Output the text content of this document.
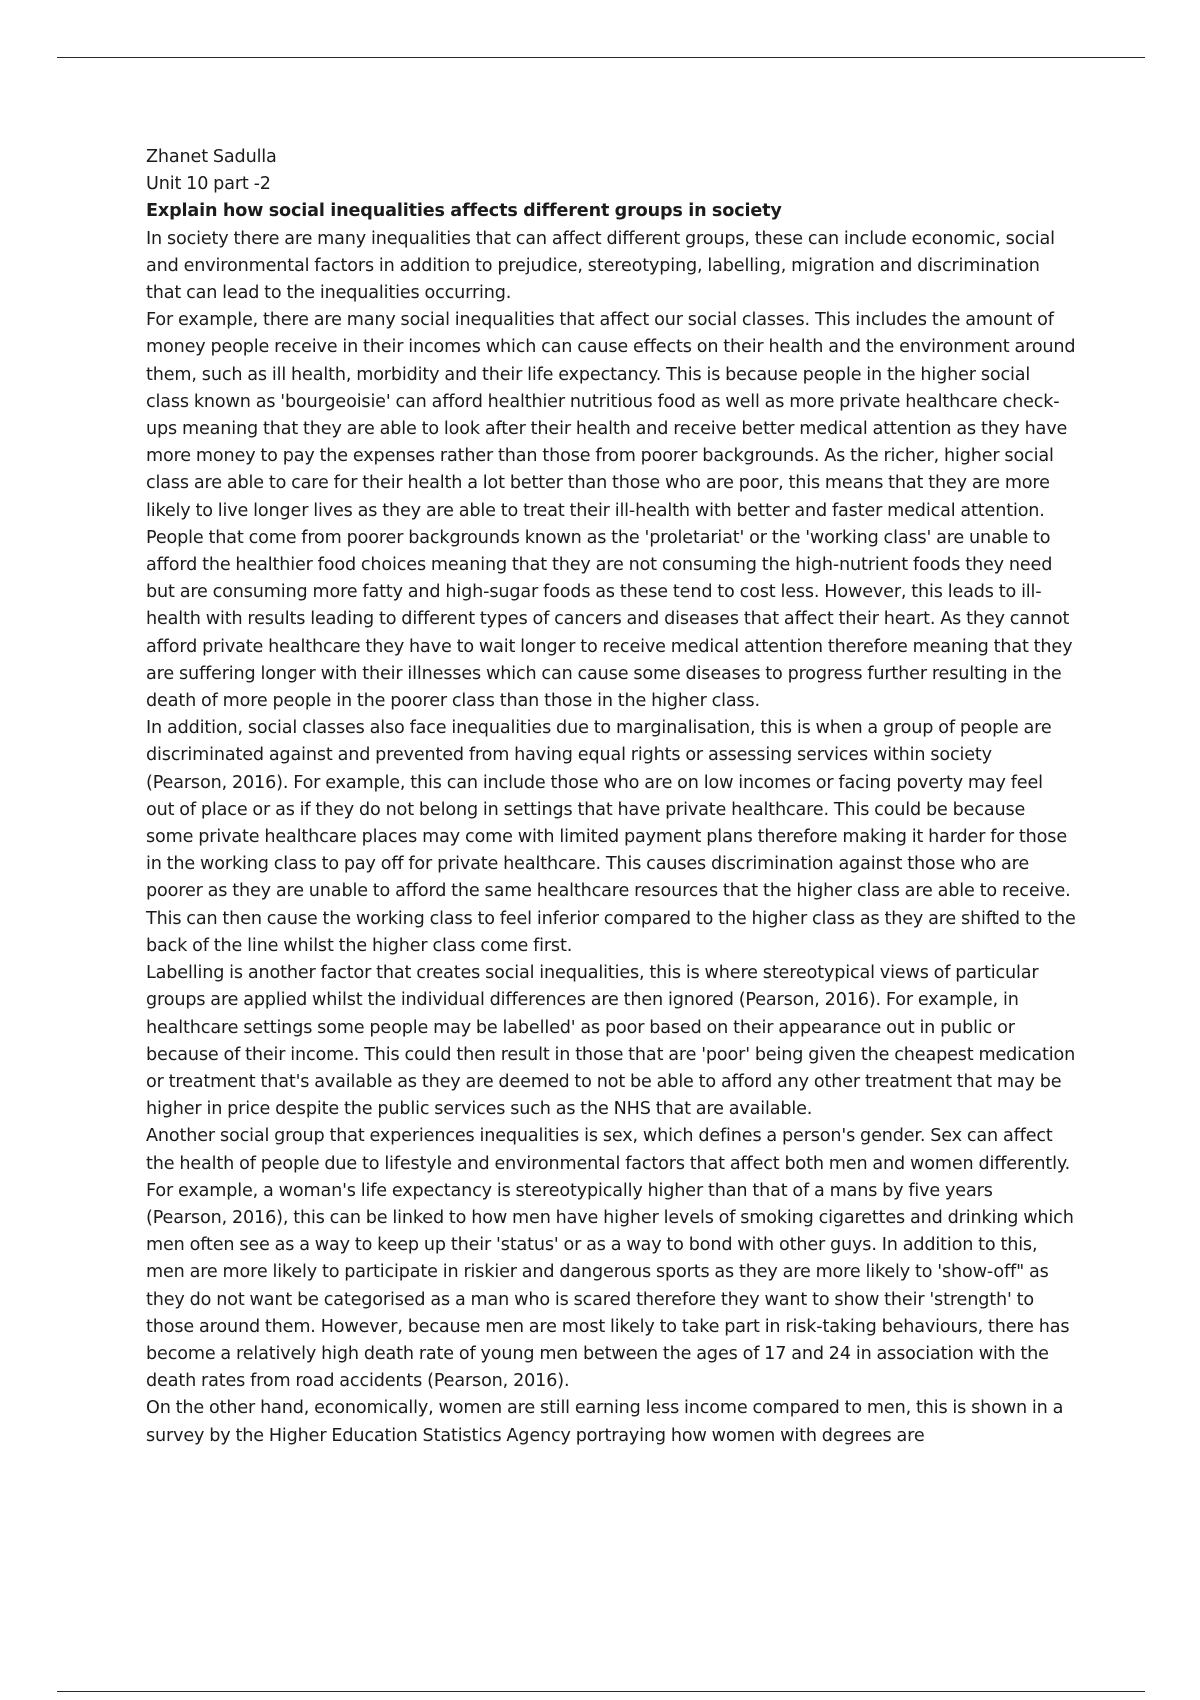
Zhanet Sadulla

Unit 10 part -2

Explain how social inequalities affects different groups in society

In society there are many inequalities that can affect different groups, these can include economic, social and environmental factors in addition to prejudice, stereotyping, labelling, migration and discrimination that can lead to the inequalities occurring.

For example, there are many social inequalities that affect our social classes. This includes the amount of money people receive in their incomes which can cause effects on their health and the environment around them, such as ill health, morbidity and their life expectancy. This is because people in the higher social class known as 'bourgeoisie' can afford healthier nutritious food as well as more private healthcare check-ups meaning that they are able to look after their health and receive better medical attention as they have more money to pay the expenses rather than those from poorer backgrounds. As the richer, higher social class are able to care for their health a lot better than those who are poor, this means that they are more likely to live longer lives as they are able to treat their ill-health with better and faster medical attention. People that come from poorer backgrounds known as the 'proletariat' or the 'working class' are unable to afford the healthier food choices meaning that they are not consuming the high-nutrient foods they need but are consuming more fatty and high-sugar foods as these tend to cost less. However, this leads to ill-health with results leading to different types of cancers and diseases that affect their heart. As they cannot afford private healthcare they have to wait longer to receive medical attention therefore meaning that they are suffering longer with their illnesses which can cause some diseases to progress further resulting in the death of more people in the poorer class than those in the higher class.

In addition, social classes also face inequalities due to marginalisation, this is when a group of people are discriminated against and prevented from having equal rights or assessing services within society (Pearson, 2016). For example, this can include those who are on low incomes or facing poverty may feel out of place or as if they do not belong in settings that have private healthcare. This could be because some private healthcare places may come with limited payment plans therefore making it harder for those in the working class to pay off for private healthcare. This causes discrimination against those who are poorer as they are unable to afford the same healthcare resources that the higher class are able to receive. This can then cause the working class to feel inferior compared to the higher class as they are shifted to the back of the line whilst the higher class come first.

Labelling is another factor that creates social inequalities, this is where stereotypical views of particular groups are applied whilst the individual differences are then ignored (Pearson, 2016). For example, in healthcare settings some people may be labelled' as poor based on their appearance out in public or because of their income. This could then result in those that are 'poor' being given the cheapest medication or treatment that's available as they are deemed to not be able to afford any other treatment that may be higher in price despite the public services such as the NHS that are available.

Another social group that experiences inequalities is sex, which defines a person's gender. Sex can affect the health of people due to lifestyle and environmental factors that affect both men and women differently. For example, a woman's life expectancy is stereotypically higher than that of a mans by five years (Pearson, 2016), this can be linked to how men have higher levels of smoking cigarettes and drinking which men often see as a way to keep up their 'status' or as a way to bond with other guys. In addition to this, men are more likely to participate in riskier and dangerous sports as they are more likely to 'show-off" as they do not want be categorised as a man who is scared therefore they want to show their 'strength' to those around them. However, because men are most likely to take part in risk-taking behaviours, there has become a relatively high death rate of young men between the ages of 17 and 24 in association with the death rates from road accidents (Pearson, 2016).

On the other hand, economically, women are still earning less income compared to men, this is shown in a survey by the Higher Education Statistics Agency portraying how women with degrees are
